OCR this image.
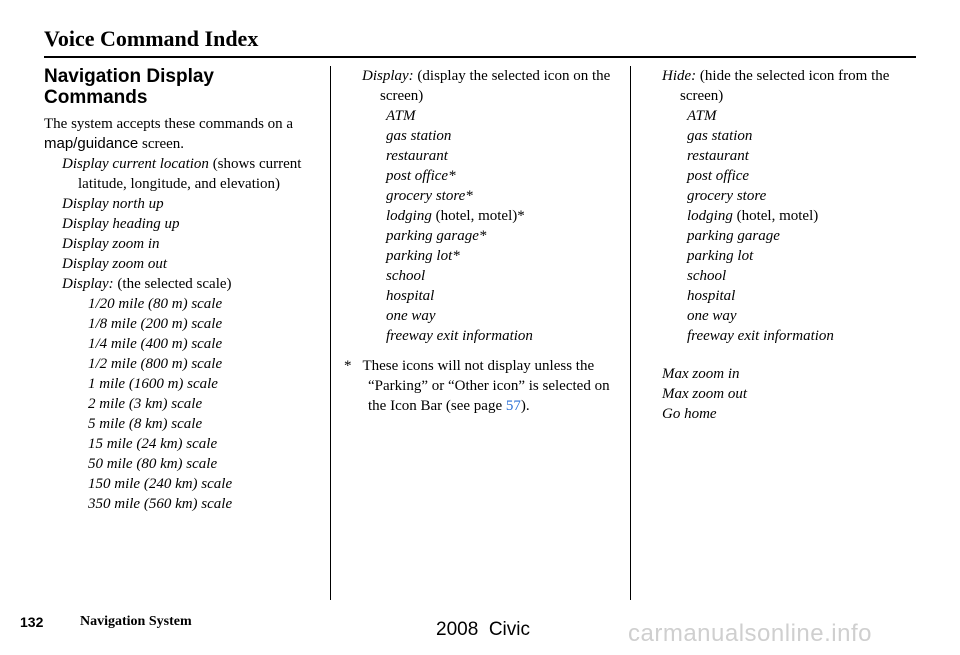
Voice Command Index
Navigation Display Commands

The system accepts these commands on a map/guidance screen.

Display current location (shows current latitude, longitude, and elevation)

Display north up

Display heading up

Display zoom in

Display zoom out

Display: (the selected scale)

1/20 mile (80 m) scale
1/8 mile (200 m) scale
1/4 mile (400 m) scale
1/2 mile (800 m) scale
1 mile (1600 m) scale
2 mile (3 km) scale
5 mile (8 km) scale
15 mile (24 km) scale
50 mile (80 km) scale
150 mile (240 km) scale
350 mile (560 km) scale

Display: (display the selected icon on the screen)

ATM
gas station
restaurant
post office*
grocery store*
lodging (hotel, motel)*
parking garage*
parking lot*
school
hospital
one way
freeway exit information

*   These icons will not display unless the “Parking” or “Other icon” is selected on the Icon Bar (see page 57).

Hide: (hide the selected icon from the screen)

ATM
gas station
restaurant
post office
grocery store
lodging (hotel, motel)
parking garage
parking lot
school
hospital
one way
freeway exit information
Max zoom in
Max zoom out
Go home
132	Navigation System	2008  Civic	carmanualsonline.info
